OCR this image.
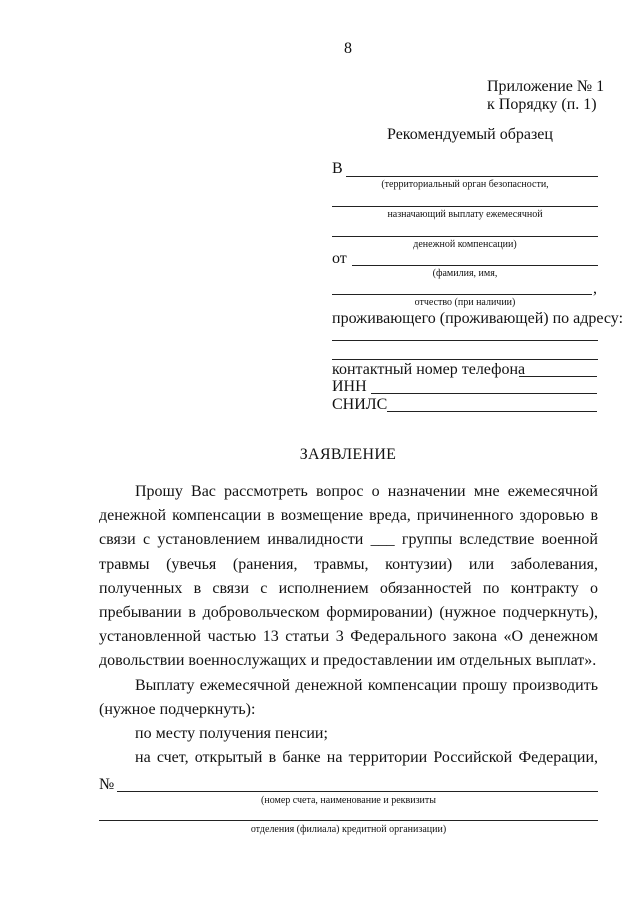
8
Приложение № 1
к Порядку (п. 1)
Рекомендуемый образец
В
(территориальный орган безопасности,
назначающий выплату ежемесячной
денежной компенсации)
от
(фамилия, имя,
,
отчество (при наличии)
проживающего (проживающей) по адресу:
контактный номер телефона
ИНН
СНИЛС
ЗАЯВЛЕНИЕ

Прошу Вас рассмотреть вопрос о назначении мне ежемесячной денежной компенсации в возмещение вреда, причиненного здоровью в связи с установлением инвалидности ___ группы вследствие военной травмы (увечья (ранения, травмы, контузии) или заболевания, полученных в связи с исполнением обязанностей по контракту о пребывании в добровольческом формировании) (нужное подчеркнуть), установленной частью 13 статьи 3 Федерального закона «О денежном довольствии военнослужащих и предоставлении им отдельных выплат».

Выплату ежемесячной денежной компенсации прошу производить (нужное подчеркнуть):

по месту получения пенсии;

на счет, открытый в банке на территории Российской Федерации,

№
(номер счета, наименование и реквизиты
отделения (филиала) кредитной организации)
